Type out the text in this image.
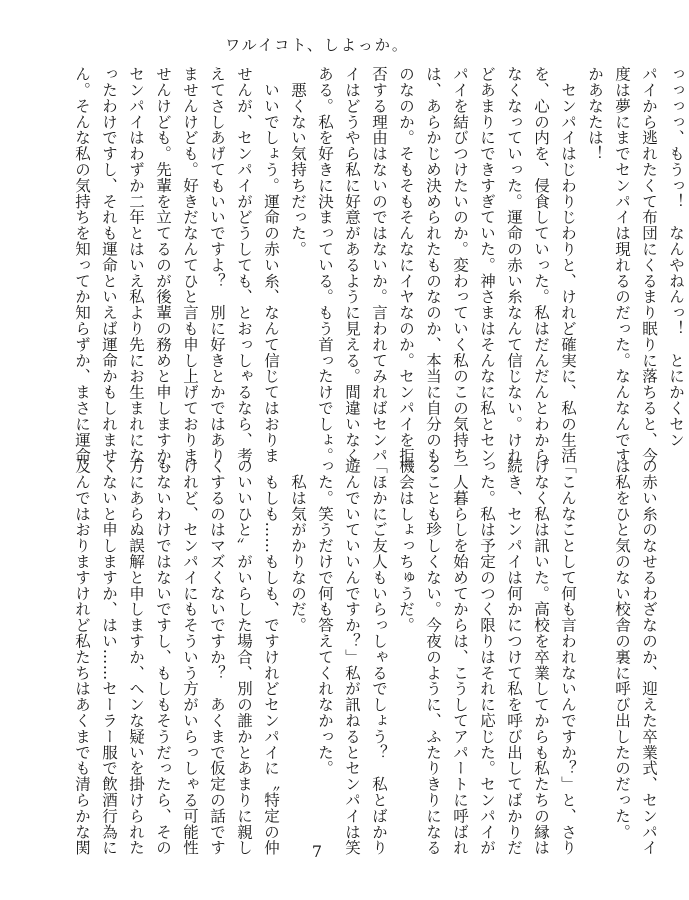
ワルイコト、しよっか。
っっっっ、もうっ！　なんやねんっ！　とにかくセン
パイから逃れたくて布団にくるまり眠りに落ちると、今
度は夢にまでセンパイは現れるのだった。なんなんです
かあなたは！
　センパイはじわりじわりと、けれど確実に、私の生活
を、心の内を、侵食していった。私はだんだんとわから
なくなっていった。運命の赤い糸なんて信じない。けれ
どあまりにできすぎていた。神さまはそんなに私とセン
パイを結びつけたいのか。変わっていく私のこの気持ち
は、あらかじめ決められたものなのか、本当に自分のも
のなのか。そもそもそんなにイヤなのか。センパイを拒
否する理由はないのではないか。言われてみればセンパ
イはどうやら私に好意があるように見える。間違いなく
ある。私を好きに決まっている。もう首ったけでしょ。
　悪くない気持ちだった。
　いいでしょう。運命の赤い糸、なんて信じてはおりま
せんが、センパイがどうしても、とおっしゃるなら、考
えてさしあげてもいいですよ？　別に好きとかではあり
ませんけども。好きだなんてひと言も申し上げておりま
せんけども。先輩を立てるのが後輩の務めと申しますか、
センパイはわずか二年とはいえ私より先にお生まれにな
ったわけですし、それも運命といえば運命かもしれませ
ん。そんな私の気持ちを知ってか知らずか、まさに運命
の赤い糸のなせるわざなのか、迎えた卒業式、センパイ
は私をひと気のない校舎の裏に呼び出したのだった。

「こんなことして何も言われないんですか？」と、さり
げなく私は訊いた。高校を卒業してからも私たちの縁は
続き、センパイは何かにつけて私を呼び出してばかりだ
った。私は予定のつく限りはそれに応じた。センパイが
一人暮らしを始めてからは、こうしてアパートに呼ばれ
ることも珍しくない。今夜のように、ふたりきりになる
機会はしょっちゅうだ。
「ほかにご友人もいらっしゃるでしょう？　私とばかり
遊んでいていいんですか？」私が訊ねるとセンパイは笑
った。笑うだけで何も答えてくれなかった。
　私は気がかりなのだ。
　もしも……もしも、ですけれどセンパイに〝特定の仲
のいいひと〟がいらした場合、別の誰かとあまりに親し
くするのはマズくないですか？　あくまで仮定の話です
けれど、センパイにもそういう方がいらっしゃる可能性
もないわけではないですし、もしもそうだったら、その
方にあらぬ誤解と申しますか、ヘンな疑いを掛けられた
くないと申しますか、はい……セーラー服で飲酒行為に
及んではおりますけれど私たちはあくまでも清らかな関	7
